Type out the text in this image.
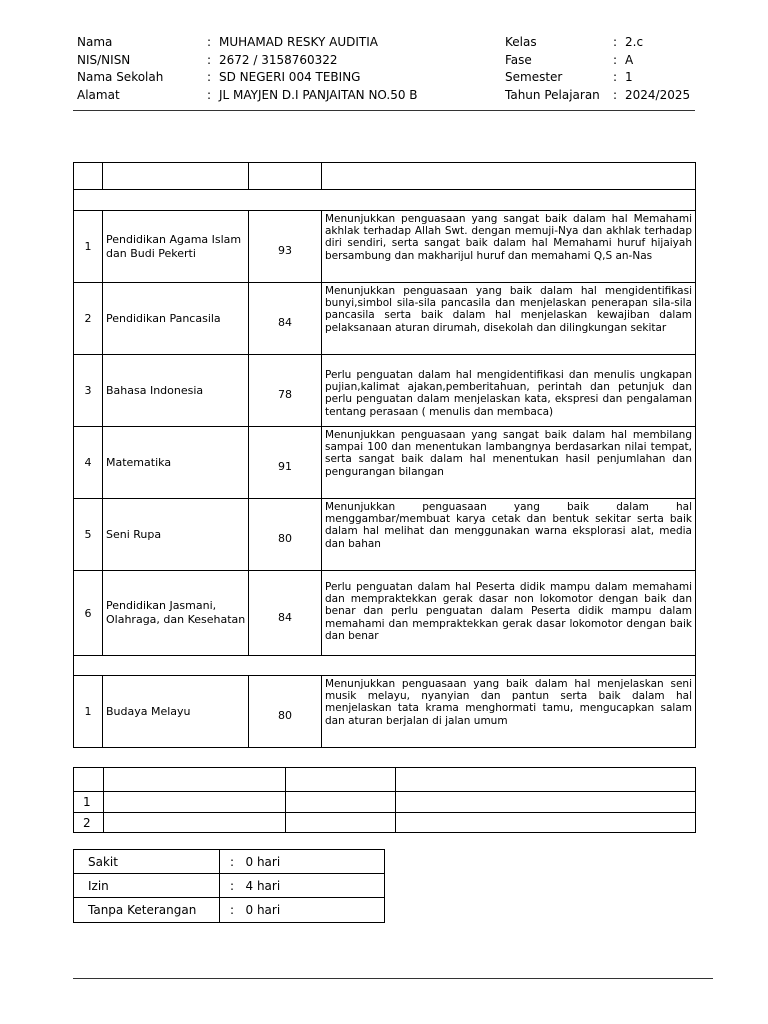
Nama	: MUHAMAD RESKY AUDITIA
NIS/NISN	: 2672 / 3158760322
Nama Sekolah	: SD NEGERI 004 TEBING
Alamat	: JL MAYJEN D.I PANJAITAN NO.50 B
Kelas	: 2.c
Fase	: A
Semester	: 1
Tahun Pelajaran	: 2024/2025

1	Pendidikan Agama Islam dan Budi Pekerti	93	Menunjukkan penguasaan yang sangat baik dalam hal Memahami akhlak terhadap Allah Swt. dengan memuji-Nya dan akhlak terhadap diri sendiri, serta sangat baik dalam hal Memahami huruf hijaiyah bersambung dan makharijul huruf dan memahami Q,S an-Nas
2	Pendidikan Pancasila	84	Menunjukkan penguasaan yang baik dalam hal mengidentifikasi bunyi,simbol sila-sila pancasila dan menjelaskan penerapan sila-sila pancasila serta baik dalam hal menjelaskan kewajiban dalam pelaksanaan aturan dirumah, disekolah dan dilingkungan sekitar
3	Bahasa Indonesia	78	Perlu penguatan dalam hal mengidentifikasi dan menulis ungkapan pujian,kalimat ajakan,pemberitahuan, perintah dan petunjuk dan perlu penguatan dalam menjelaskan kata, ekspresi dan pengalaman tentang perasaan ( menulis dan membaca)
4	Matematika	91	Menunjukkan penguasaan yang sangat baik dalam hal membilang sampai 100 dan menentukan lambangnya berdasarkan nilai tempat, serta sangat baik dalam hal menentukan hasil penjumlahan dan pengurangan bilangan
5	Seni Rupa	80	Menunjukkan penguasaan yang baik dalam hal menggambar/membuat karya cetak dan bentuk sekitar serta baik dalam hal melihat dan menggunakan warna eksplorasi alat, media dan bahan
6	Pendidikan Jasmani, Olahraga, dan Kesehatan	84	Perlu penguatan dalam hal Peserta didik mampu dalam memahami dan mempraktekkan gerak dasar non lokomotor dengan baik dan benar dan perlu penguatan dalam Peserta didik mampu dalam memahami dan mempraktekkan gerak dasar lokomotor dengan baik dan benar

1	Budaya Melayu	80	Menunjukkan penguasaan yang baik dalam hal menjelaskan seni musik melayu, nyanyian dan pantun serta baik dalam hal menjelaskan tata krama menghormati tamu, mengucapkan salam dan aturan berjalan di jalan umum

1			
2			
Sakit	: 0 hari
Izin	: 4 hari
Tanpa Keterangan	: 0 hari
